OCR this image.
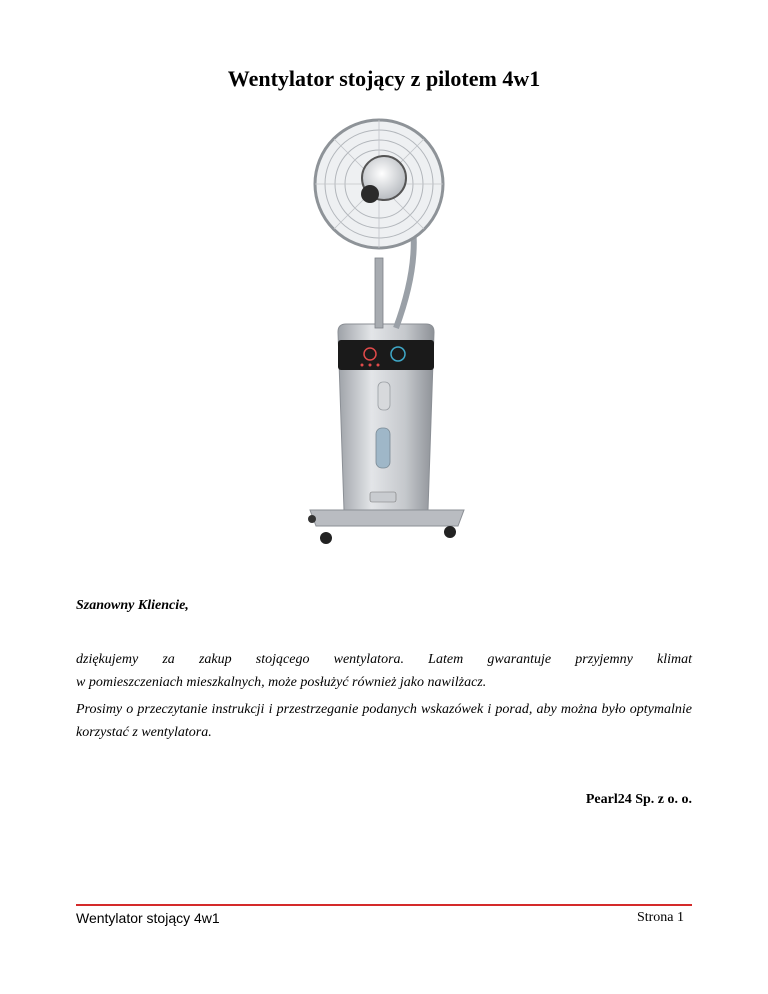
Wentylator stojący z pilotem 4w1
Szanowny Kliencie,
dziękujemy za zakup stojącego wentylatora. Latem gwarantuje przyjemny klimat
w pomieszczeniach mieszkalnych, może posłużyć również jako nawilżacz.
Prosimy o przeczytanie instrukcji i przestrzeganie podanych wskazówek i porad, aby można było optymalnie korzystać z wentylatora.
Pearl24 Sp. z o. o.
Wentylator stojący 4w1	Strona 1
